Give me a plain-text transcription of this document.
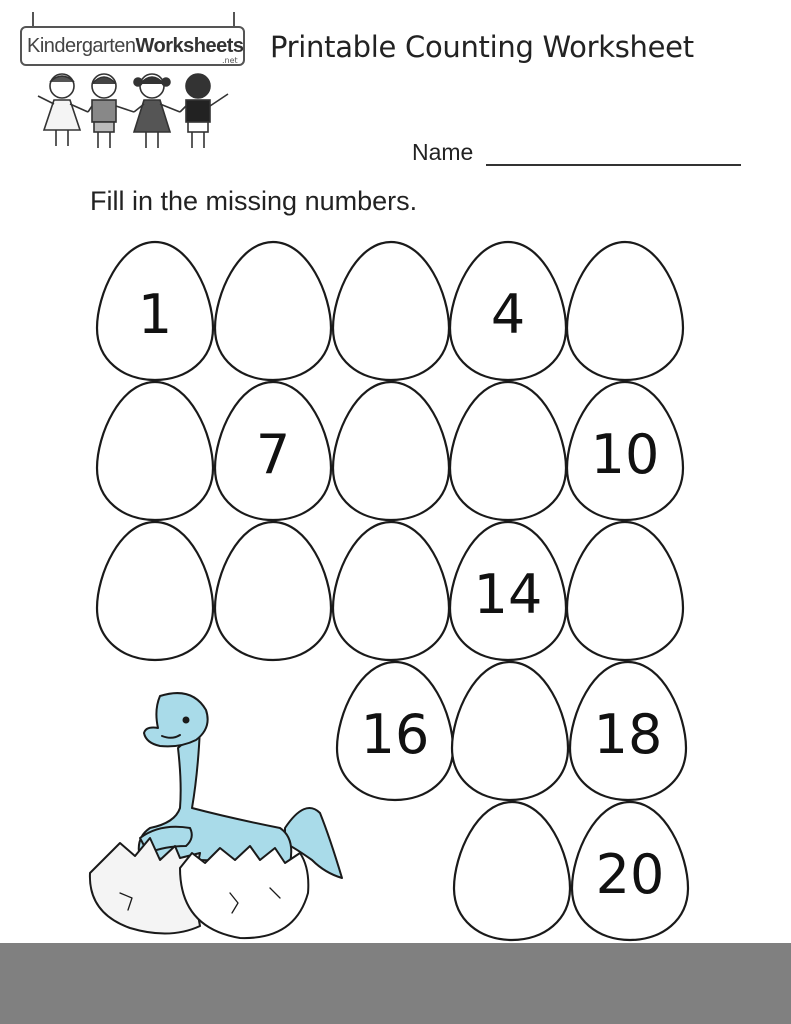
Kindergarten Worksheets
.net Printable Counting Worksheet
Name
Fill in the missing numbers.
1	4
7	10
14
16	18
20
